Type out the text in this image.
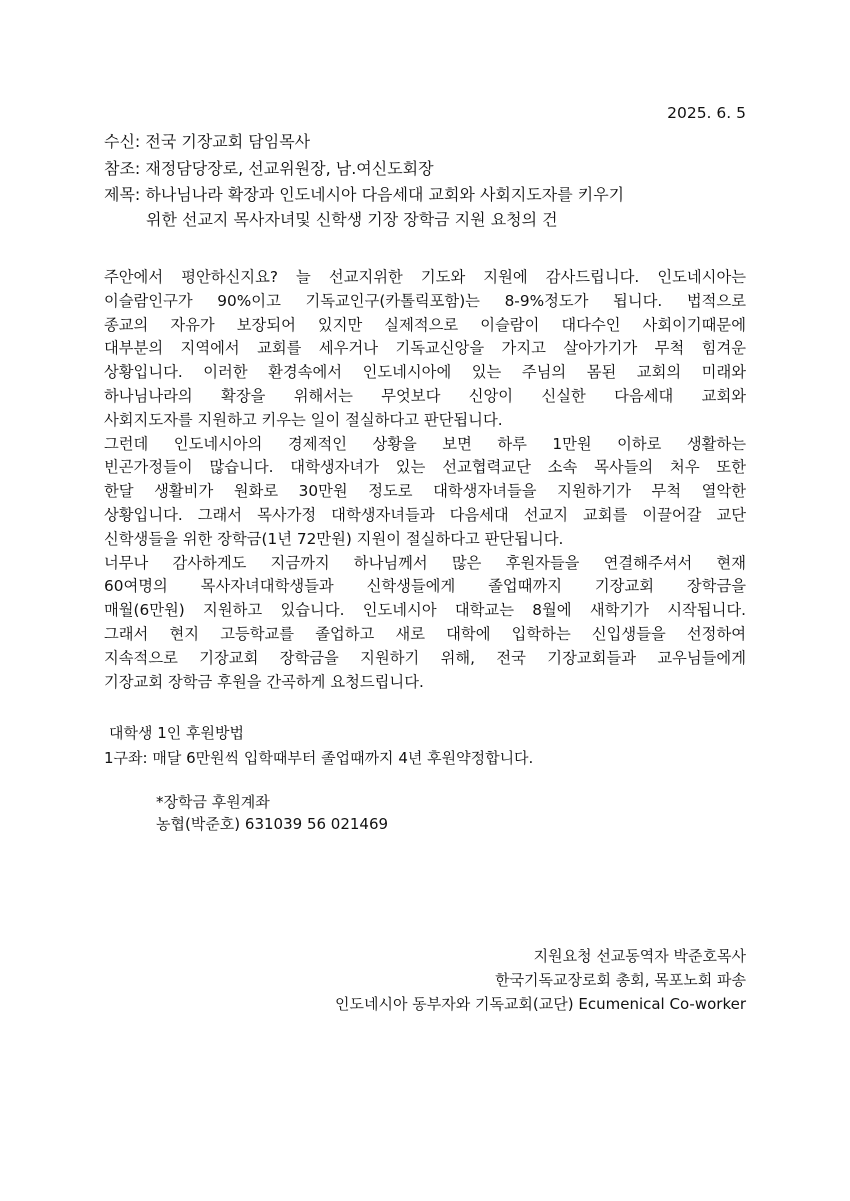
2025. 6. 5
수신: 전국 기장교회 담임목사
참조: 재정담당장로, 선교위원장, 남.여신도회장
제목: 하나님나라 확장과 인도네시아 다음세대 교회와 사회지도자를 키우기
위한 선교지 목사자녀및 신학생 기장 장학금 지원 요청의 건
주안에서 평안하신지요? 늘 선교지위한 기도와 지원에 감사드립니다. 인도네시아는
이슬람인구가 90%이고 기독교인구(카톨릭포함)는 8-9%정도가 됩니다. 법적으로
종교의 자유가 보장되어 있지만 실제적으로 이슬람이 대다수인 사회이기때문에
대부분의 지역에서 교회를 세우거나 기독교신앙을 가지고 살아가기가 무척 힘겨운
상황입니다. 이러한 환경속에서 인도네시아에 있는 주님의 몸된 교회의 미래와
하나님나라의 확장을 위해서는 무엇보다 신앙이 신실한 다음세대 교회와
사회지도자를 지원하고 키우는 일이 절실하다고 판단됩니다.
그런데 인도네시아의 경제적인 상황을 보면 하루 1만원 이하로 생활하는
빈곤가정들이 많습니다. 대학생자녀가 있는 선교협력교단 소속 목사들의 처우 또한
한달 생활비가 원화로 30만원 정도로 대학생자녀들을 지원하기가 무척 열악한
상황입니다. 그래서 목사가정 대학생자녀들과 다음세대 선교지 교회를 이끌어갈 교단
신학생들을 위한 장학금(1년 72만원) 지원이 절실하다고 판단됩니다.
너무나 감사하게도 지금까지 하나님께서 많은 후원자들을 연결해주셔서 현재
60여명의 목사자녀대학생들과 신학생들에게 졸업때까지 기장교회 장학금을
매월(6만원) 지원하고 있습니다. 인도네시아 대학교는 8월에 새학기가 시작됩니다.
그래서 현지 고등학교를 졸업하고 새로 대학에 입학하는 신입생들을 선정하여
지속적으로 기장교회 장학금을 지원하기 위해, 전국 기장교회들과 교우님들에게
기장교회 장학금 후원을 간곡하게 요청드립니다.
대학생 1인 후원방법
1구좌: 매달 6만원씩 입학때부터 졸업때까지 4년 후원약정합니다.
*장학금 후원계좌
농협(박준호) 631039 56 021469
지원요청 선교동역자 박준호목사
한국기독교장로회 총회, 목포노회 파송
인도네시아 동부자와 기독교회(교단) Ecumenical Co-worker
